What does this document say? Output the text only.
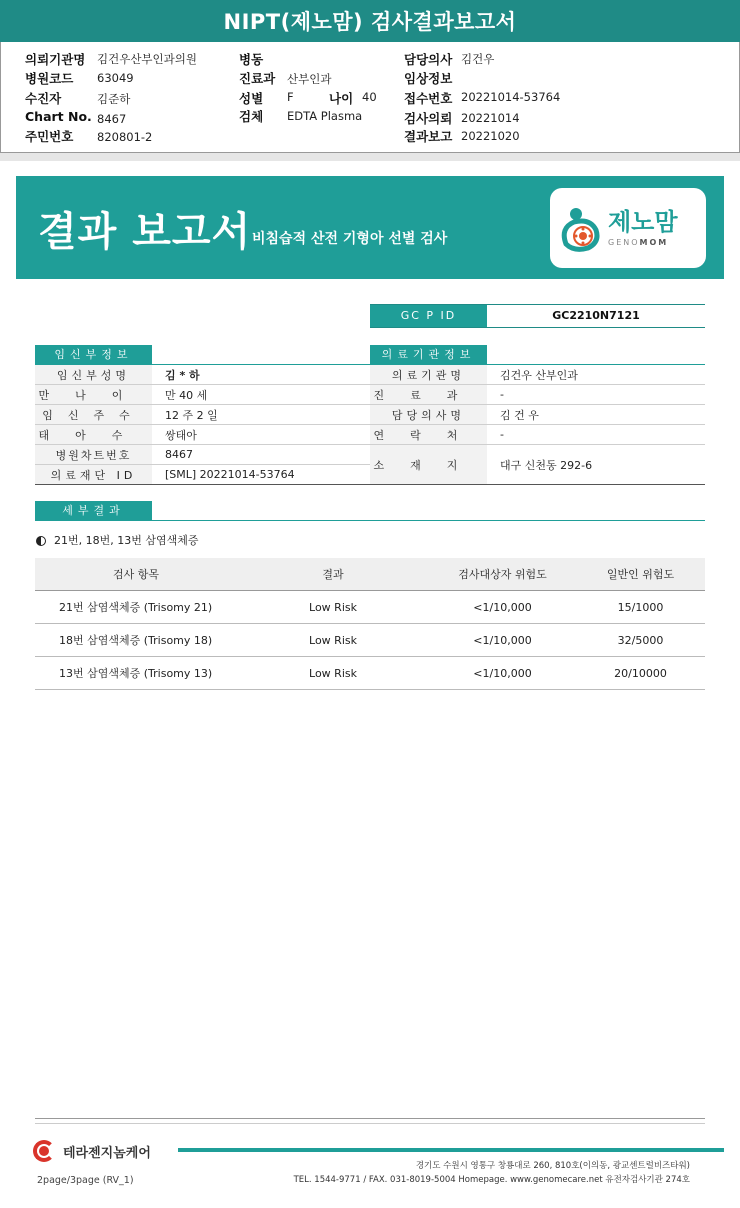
NIPT(제노맘) 검사결과보고서
의뢰기관명 김건우산부인과의원
병원코드 63049
수진자	김준하
Chart No. 8467
주민번호 820801-2
병동
진료과 산부인과
성별 F	나이 40
검체 EDTA Plasma
담당의사 김건우
임상정보
접수번호 20221014-53764
검사의뢰 20221014
결과보고 20221020
결과 보고서 비침습적 산전 기형아 선별 검사
제노맘
GENOMOM
GC P ID	GC2210N7121
임신부정보
임신부성명	김 * 하
만나이	만 40 세
임신주수	12 주 2 일
태아수	쌍태아
병원차트번호	8467
의료재단 ID	[SML] 20221014-53764
의료기관정보
의료기관명	김건우 산부인과
진료과	-
담당의사명	김 건 우
연락처	-
소재지	대구 신천동 292-6
세부결과
21번, 18번, 13번 삼염색체증
검사 항목	결과	검사대상자 위험도	일반인 위험도
21번 삼염색체증 (Trisomy 21)	Low Risk	<1/10,000	15/1000
18번 삼염색체증 (Trisomy 18)	Low Risk	<1/10,000	32/5000
13번 삼염색체증 (Trisomy 13)	Low Risk	<1/10,000	20/10000
테라젠지놈케어
경기도 수원시 영통구 창룡대로 260, 810호(이의동, 광교센트럴비즈타워)
TEL. 1544-9771 / FAX. 031-8019-5004 Homepage. www.genomecare.net 유전자검사기관 274호
2page/3page (RV_1)
